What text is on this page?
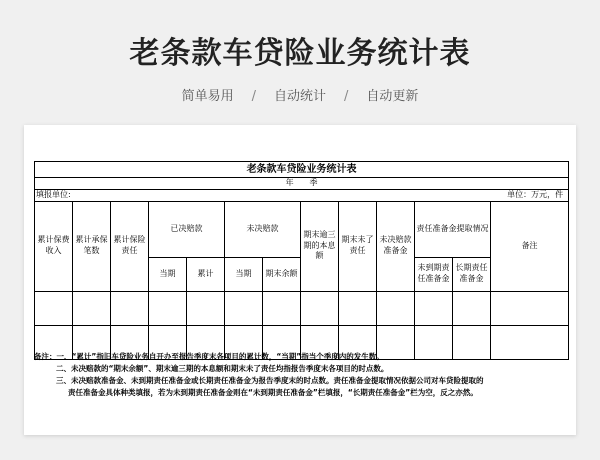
老条款车贷险业务统计表
简单易用 / 自动统计 / 自动更新
老条款车贷险业务统计表												
年　　季												

填报单位: 单位：万元，件												

累计保费收入	累计承保笔数	累计保险责任	已决赔款		未决赔款		期末逾三期的本息额	期末未了责任	未决赔款准备金	责任准备金提取情况		备注
			当期	累计	当期	期末余额				未到期责任准备金	长期责任准备金	

备注：一、“累计”指旧车贷险业务自开办至报告季度末各项目的累计数，“当期”指当个季度内的发生数。
二、未决赔款的“期末余额”、期末逾三期的本息额和期末未了责任均指报告季度末各项目的时点数。
三、未决赔款准备金、未到期责任准备金或长期责任准备金为报告季度末的时点数。责任准备金提取情况依据公司对车贷险提取的
责任准备金具体种类填报，若为未到期责任准备金则在“未到期责任准备金”栏填报，“长期责任准备金”栏为空，反之亦然。
